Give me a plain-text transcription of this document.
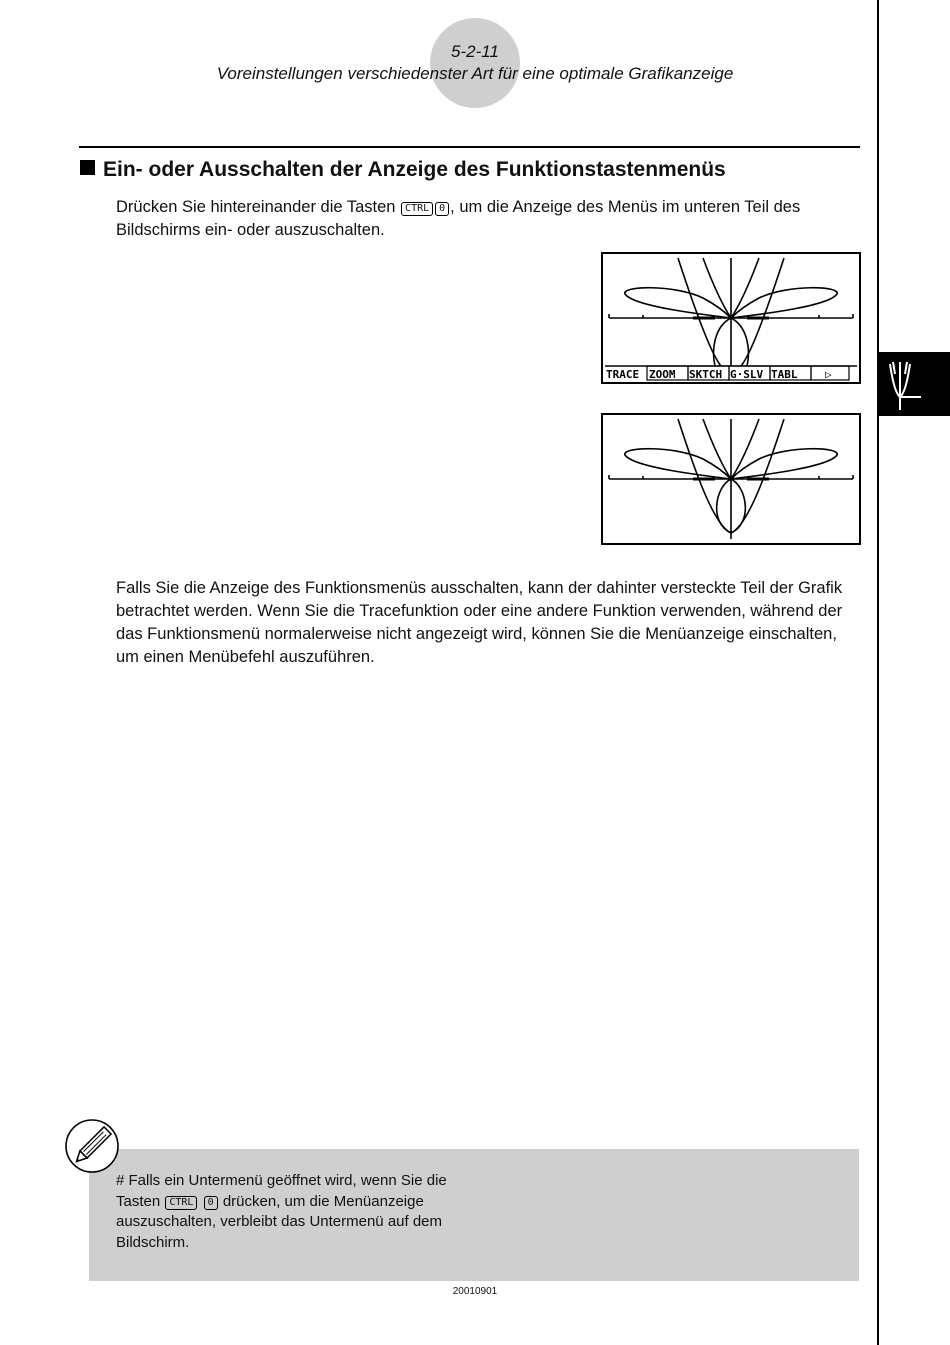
5-2-11
Voreinstellungen verschiedenster Art für eine optimale Grafikanzeige
Ein- oder Ausschalten der Anzeige des Funktionstastenmenüs
Drücken Sie hintereinander die Tasten CTRL 0 , um die Anzeige des Menüs im unteren Teil des Bildschirms ein- oder auszuschalten.
TRACE ZOOM SKTCH G·SLV TABL	▷
Falls Sie die Anzeige des Funktionsmenüs ausschalten, kann der dahinter versteckte Teil der Grafik betrachtet werden. Wenn Sie die Tracefunktion oder eine andere Funktion verwenden, während der das Funktionsmenü normalerweise nicht angezeigt wird, können Sie die Menüanzeige einschalten, um einen Menübefehl auszuführen.
# Falls ein Untermenü geöffnet wird, wenn Sie die Tasten CTRL 0 drücken, um die Menüanzeige auszuschalten, verbleibt das Untermenü auf dem Bildschirm.
20010901
